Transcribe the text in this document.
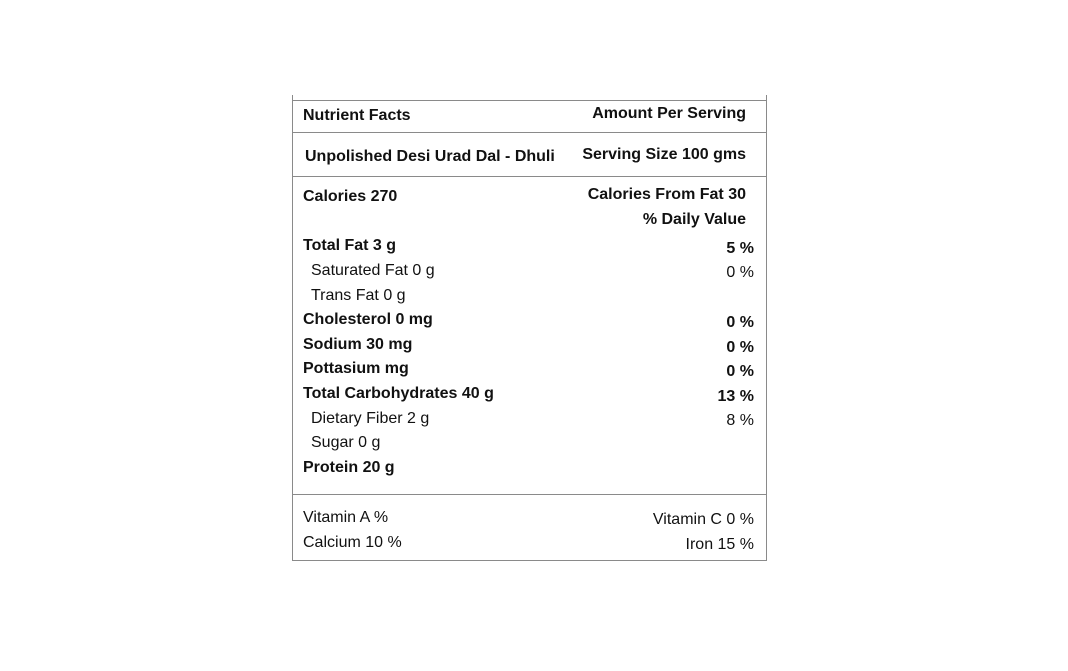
Nutrient Facts	Amount Per Serving
Unpolished Desi Urad Dal - Dhuli Serving Size 100 gms
Calories 270	Calories From Fat 30
% Daily Value
Total Fat 3 g	5 %
Saturated Fat 0 g	0 %
Trans Fat 0 g
Cholesterol 0 mg	0 %
Sodium 30 mg	0 %
Pottasium mg	0 %
Total Carbohydrates 40 g	13 %
Dietary Fiber 2 g	8 %
Sugar 0 g
Protein 20 g
Vitamin A %	Vitamin C 0 %
Calcium 10 %	Iron 15 %
